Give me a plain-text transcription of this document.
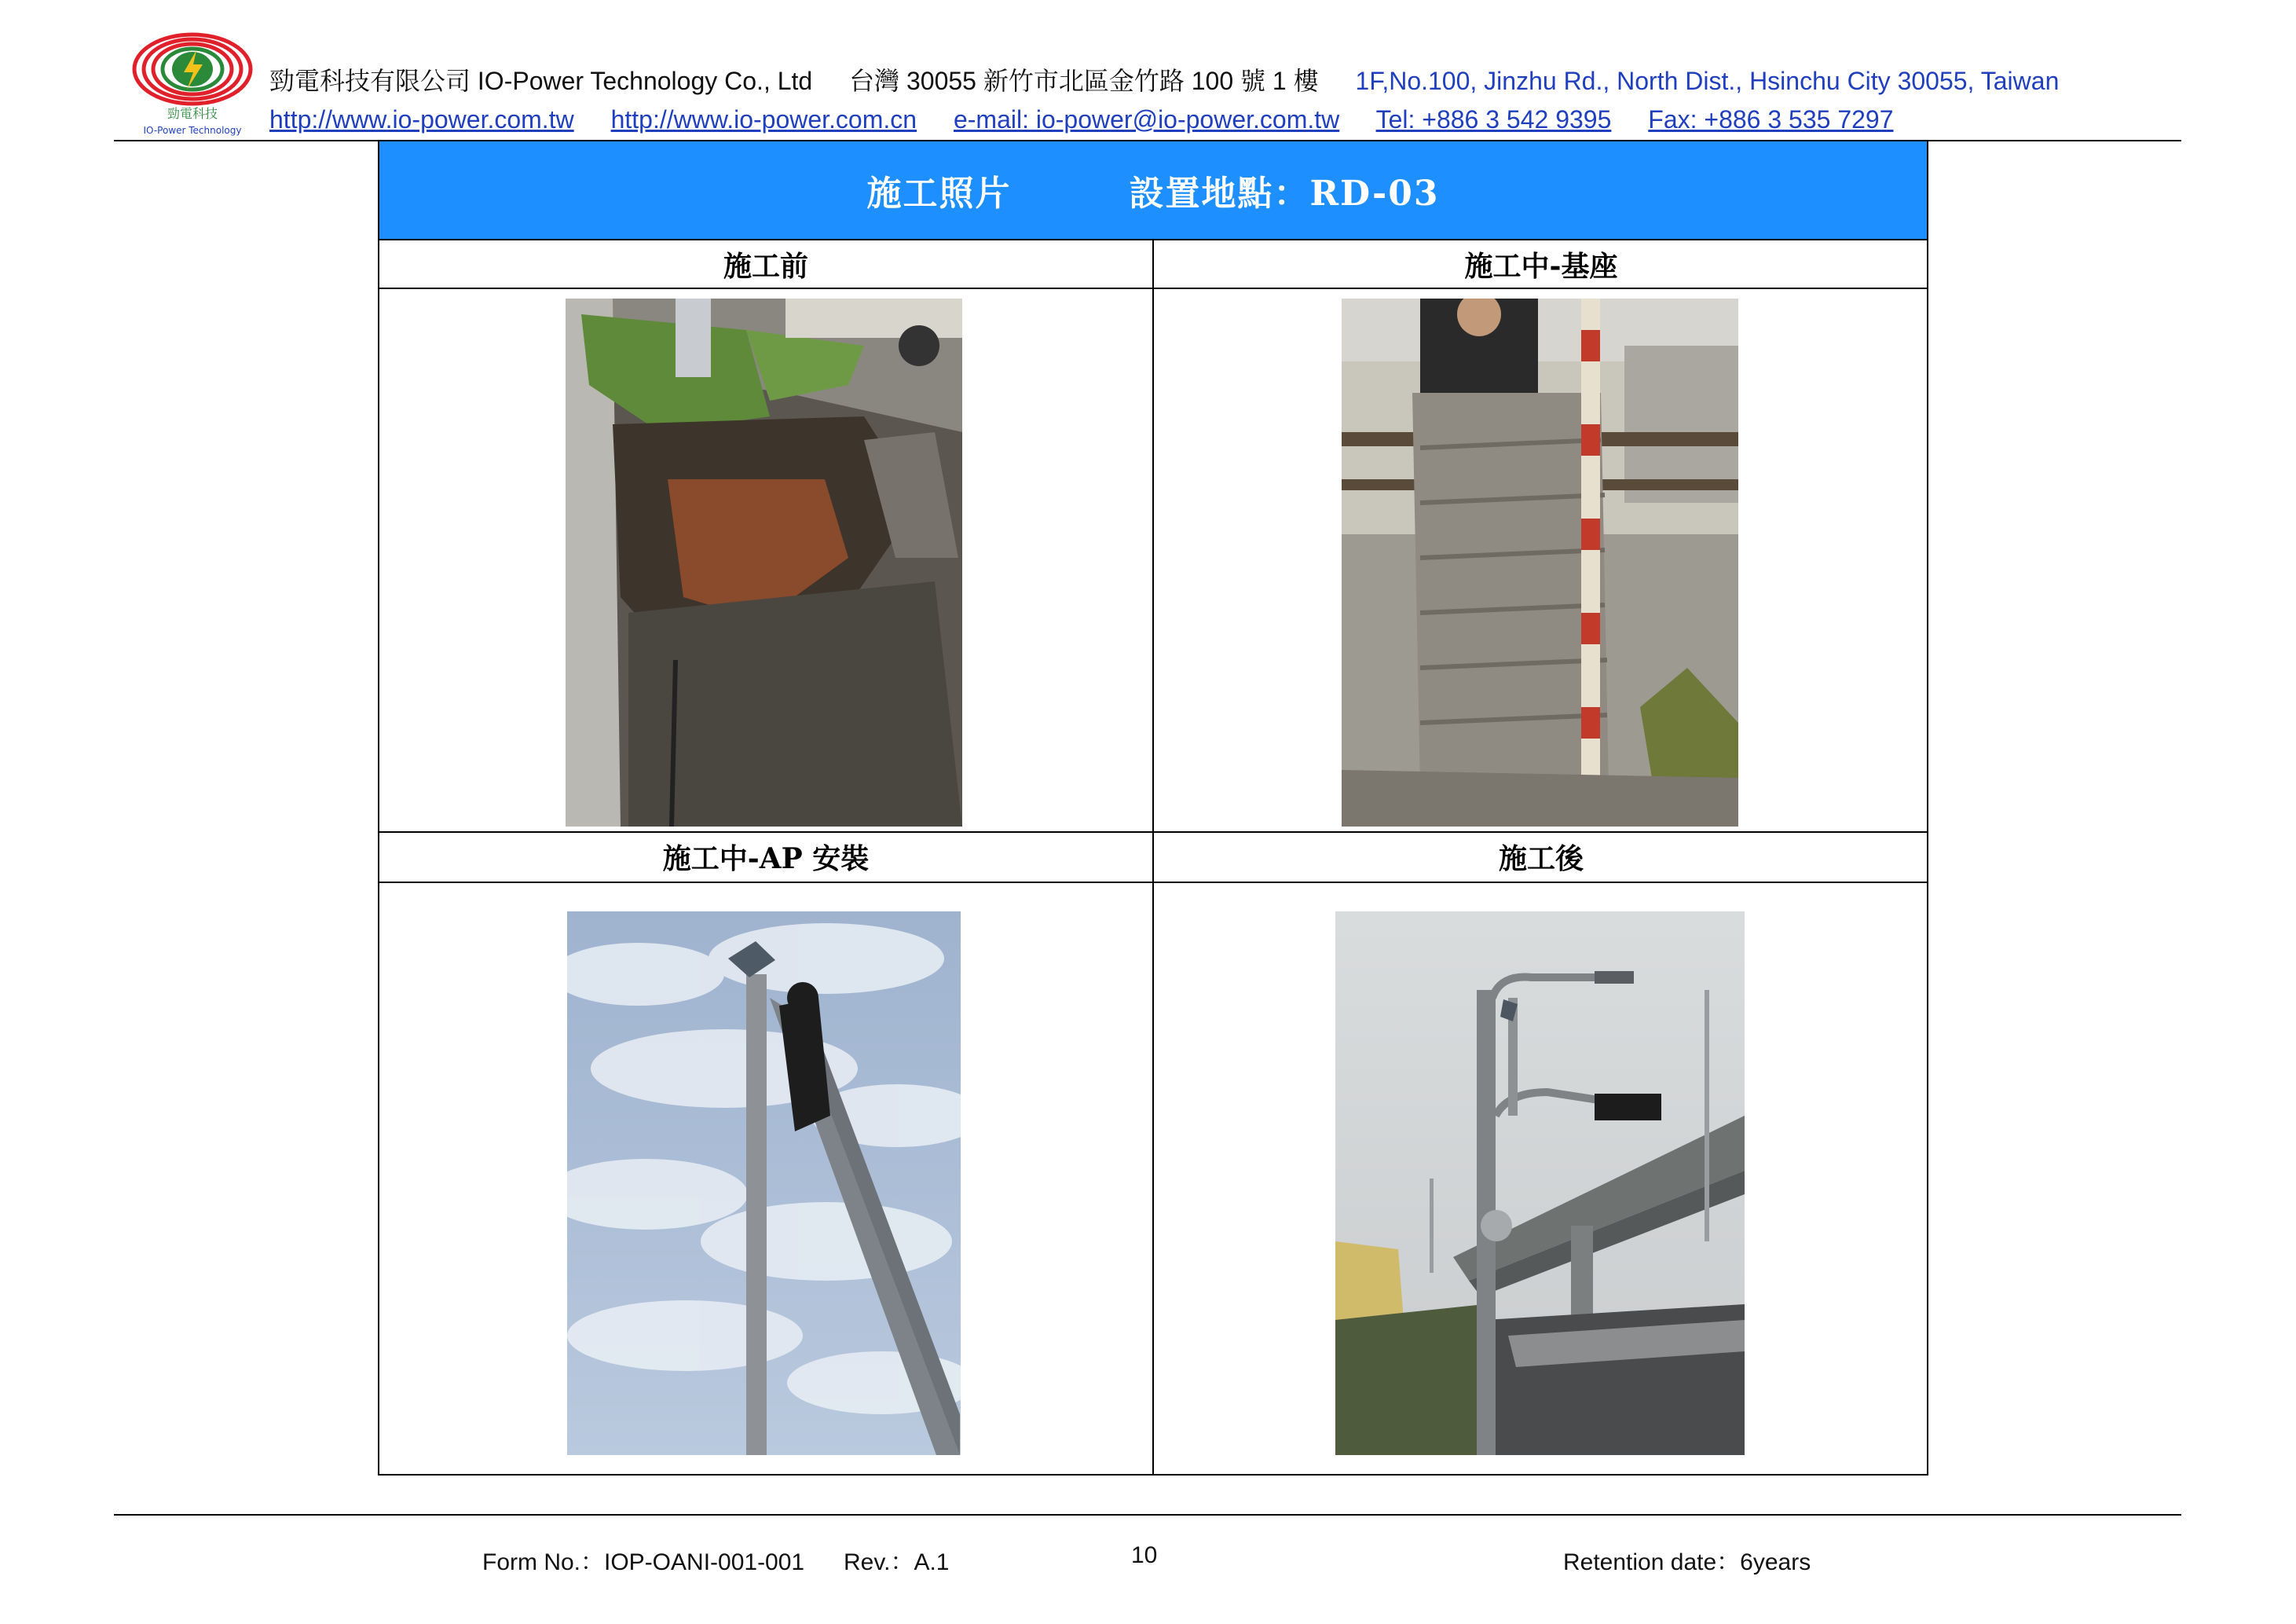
勁電科技
IO-Power Technology
勁電科技有限公司 IO-Power Technology Co., Ltd 台灣 30055 新竹市北區金竹路 100 號 1 樓 1F,No.100, Jinzhu Rd., North Dist., Hsinchu City 30055, Taiwan
http://www.io-power.com.tw http://www.io-power.com.cn e-mail: io-power@io-power.com.tw Tel: +886 3 542 9395 Fax: +886 3 535 7297
施工照片	設置地點：RD-03
施工前	施工中-基座
施工中-AP 安裝	施工後
Form No.：IOP-OANI-001-001 Rev.：A.1	10	Retention date：6years
